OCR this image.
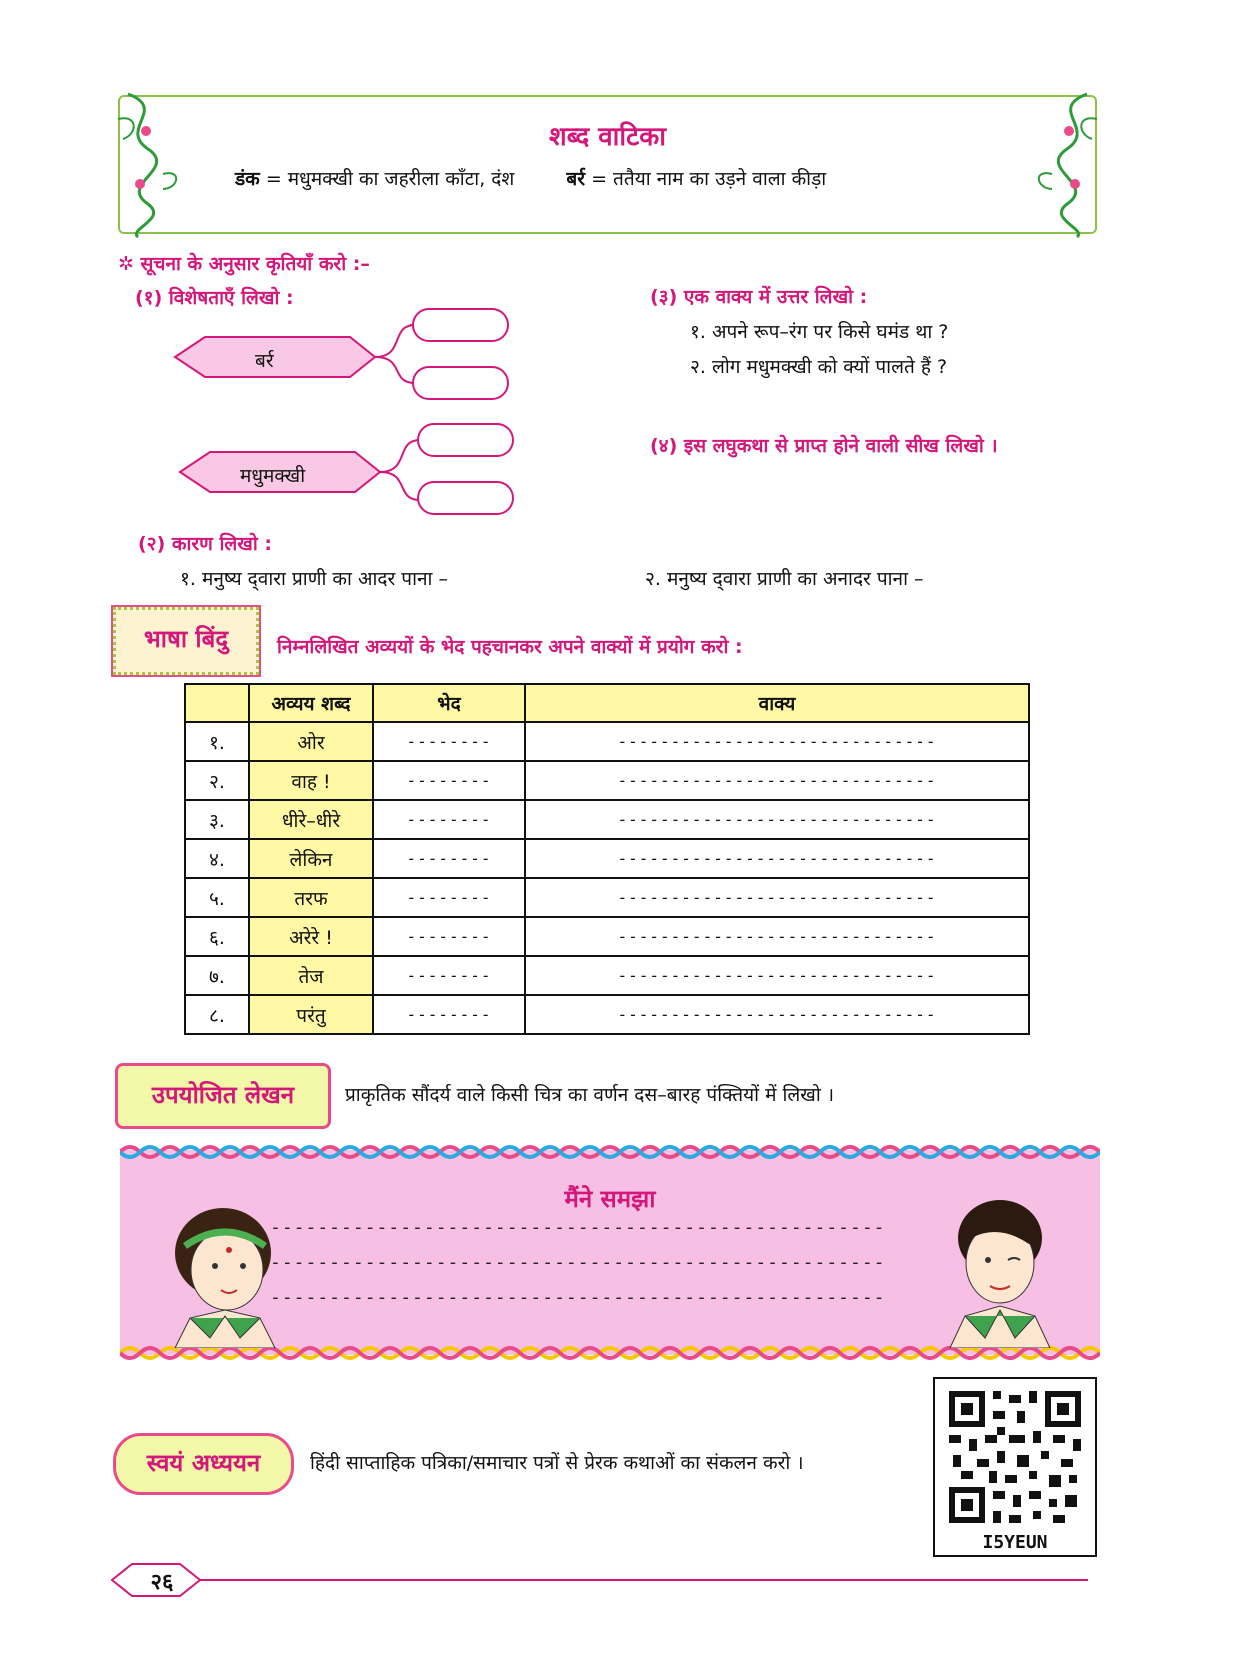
शब्द वाटिका
डंक = मधुमक्खी का जहरीला काँटा, दंश	बर्र = ततैया नाम का उड़ने वाला कीड़ा
✲ सूचना के अनुसार कृतियाँ करो :–
(१) विशेषताएँ लिखो :
बर्र
मधुमक्खी
(३) एक वाक्य में उत्तर लिखो :
१. अपने रूप–रंग पर किसे घमंड था ?
२. लोग मधुमक्खी को क्यों पालते हैं ?
(४) इस लघुकथा से प्राप्त होने वाली सीख लिखो ।
(२) कारण लिखो :
१. मनुष्य द्‌वारा प्राणी का आदर पाना –	२. मनुष्य द्‌वारा प्राणी का अनादर पाना –
भाषा बिंदु	निम्नलिखित अव्ययों के भेद पहचानकर अपने वाक्यों में प्रयोग करो :
	अव्यय शब्द	भेद	वाक्य
१.	ओर	--------	------------------------------
२.	वाह !	--------	------------------------------
३.	धीरे–धीरे	--------	------------------------------
४.	लेकिन	--------	------------------------------
५.	तरफ	--------	------------------------------
६.	अरेरे !	--------	------------------------------
७.	तेज	--------	------------------------------
८.	परंतु	--------	------------------------------
उपयोजित लेखन	प्राकृतिक सौंदर्य वाले किसी चित्र का वर्णन दस–बारह पंक्तियों में लिखो ।
मैंने समझा
----------------------------------------------------
----------------------------------------------------
----------------------------------------------------
स्वयं अध्ययन	हिंदी साप्ताहिक पत्रिका/समाचार पत्रों से प्रेरक कथाओं का संकलन करो ।
I5YEUN
२६
